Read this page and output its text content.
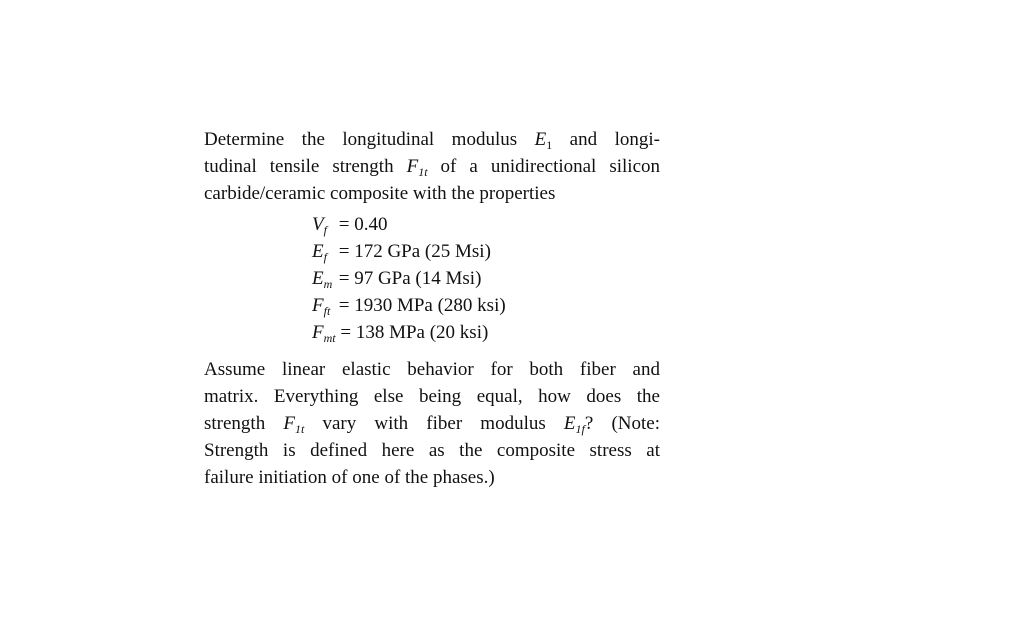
Determine the longitudinal modulus $E_1$ and longi-
tudinal tensile strength $F_{1t}$ of a unidirectional silicon
carbide/ceramic composite with the properties

$V_f = 0.40$
$E_f = 172$ GPa (25 Msi)
$E_m = 97$ GPa (14 Msi)
$F_{ft} = 1930$ MPa (280 ksi)
$F_{mt} = 138$ MPa (20 ksi)

Assume linear elastic behavior for both fiber and
matrix. Everything else being equal, how does the
strength $F_{1t}$ vary with fiber modulus $E_{1f}$? (Note:
Strength is defined here as the composite stress at
failure initiation of one of the phases.)
